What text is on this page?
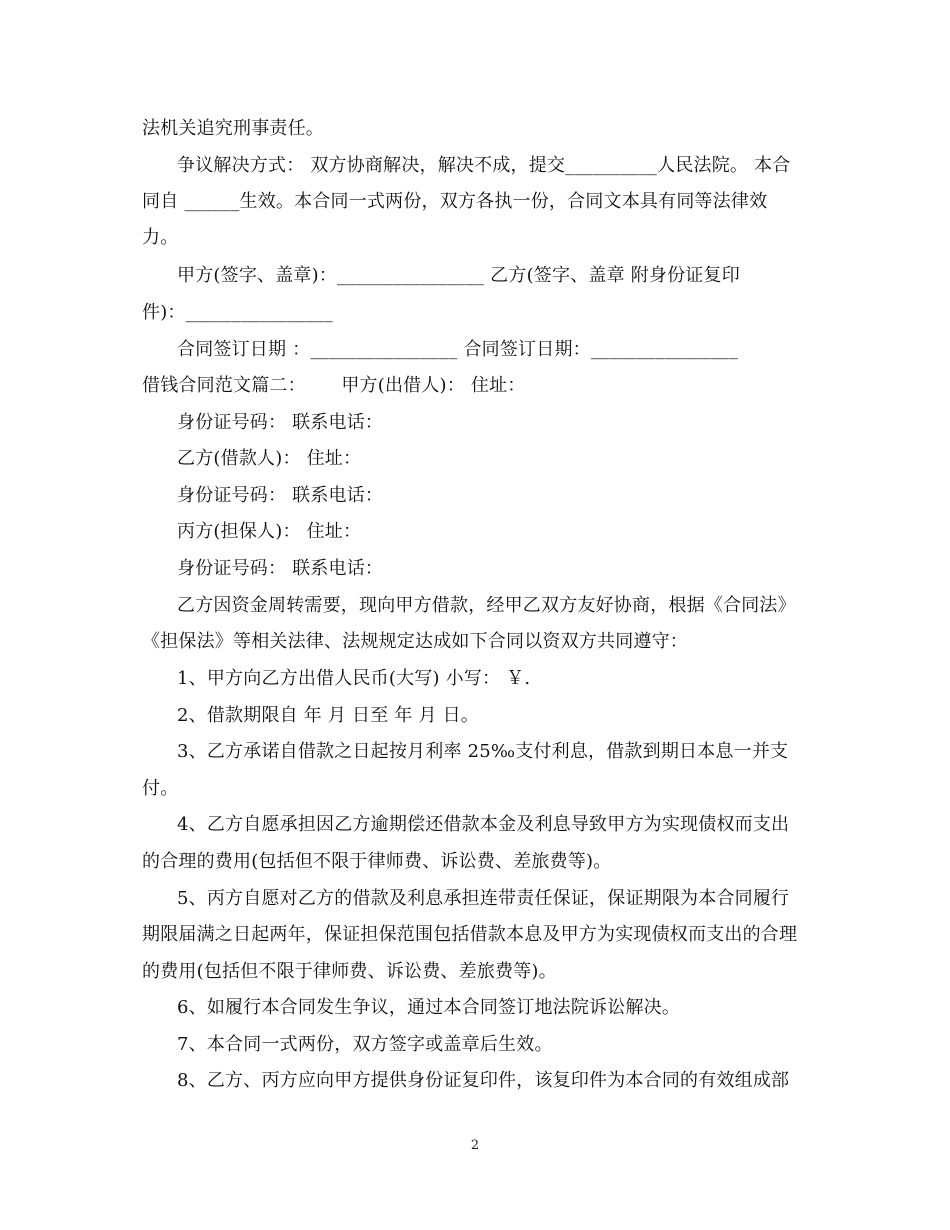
法机关追究刑事责任。
争议解决方式： 双方协商解决，解决不成，提交__________人民法院。 本合
同自 ______生效。本合同一式两份，双方各执一份，合同文本具有同等法律效
力。
甲方(签字、盖章)：________________ 乙方(签字、盖章 附身份证复印
件)：________________
合同签订日期 ：________________ 合同签订日期：________________
借钱合同范文篇二：      甲方(出借人)： 住址：
身份证号码： 联系电话：
乙方(借款人)： 住址：
身份证号码： 联系电话：
丙方(担保人)： 住址：
身份证号码： 联系电话：
乙方因资金周转需要，现向甲方借款，经甲乙双方友好协商，根据《合同法》
《担保法》等相关法律、法规规定达成如下合同以资双方共同遵守：
1、甲方向乙方出借人民币(大写) 小写： ￥.
2、借款期限自 年 月 日至 年 月 日。
3、乙方承诺自借款之日起按月利率 25‰支付利息，借款到期日本息一并支
付。
4、乙方自愿承担因乙方逾期偿还借款本金及利息导致甲方为实现债权而支出
的合理的费用(包括但不限于律师费、诉讼费、差旅费等)。
5、丙方自愿对乙方的借款及利息承担连带责任保证，保证期限为本合同履行
期限届满之日起两年，保证担保范围包括借款本息及甲方为实现债权而支出的合理
的费用(包括但不限于律师费、诉讼费、差旅费等)。
6、如履行本合同发生争议，通过本合同签订地法院诉讼解决。
7、本合同一式两份，双方签字或盖章后生效。
8、乙方、丙方应向甲方提供身份证复印件，该复印件为本合同的有效组成部
2
